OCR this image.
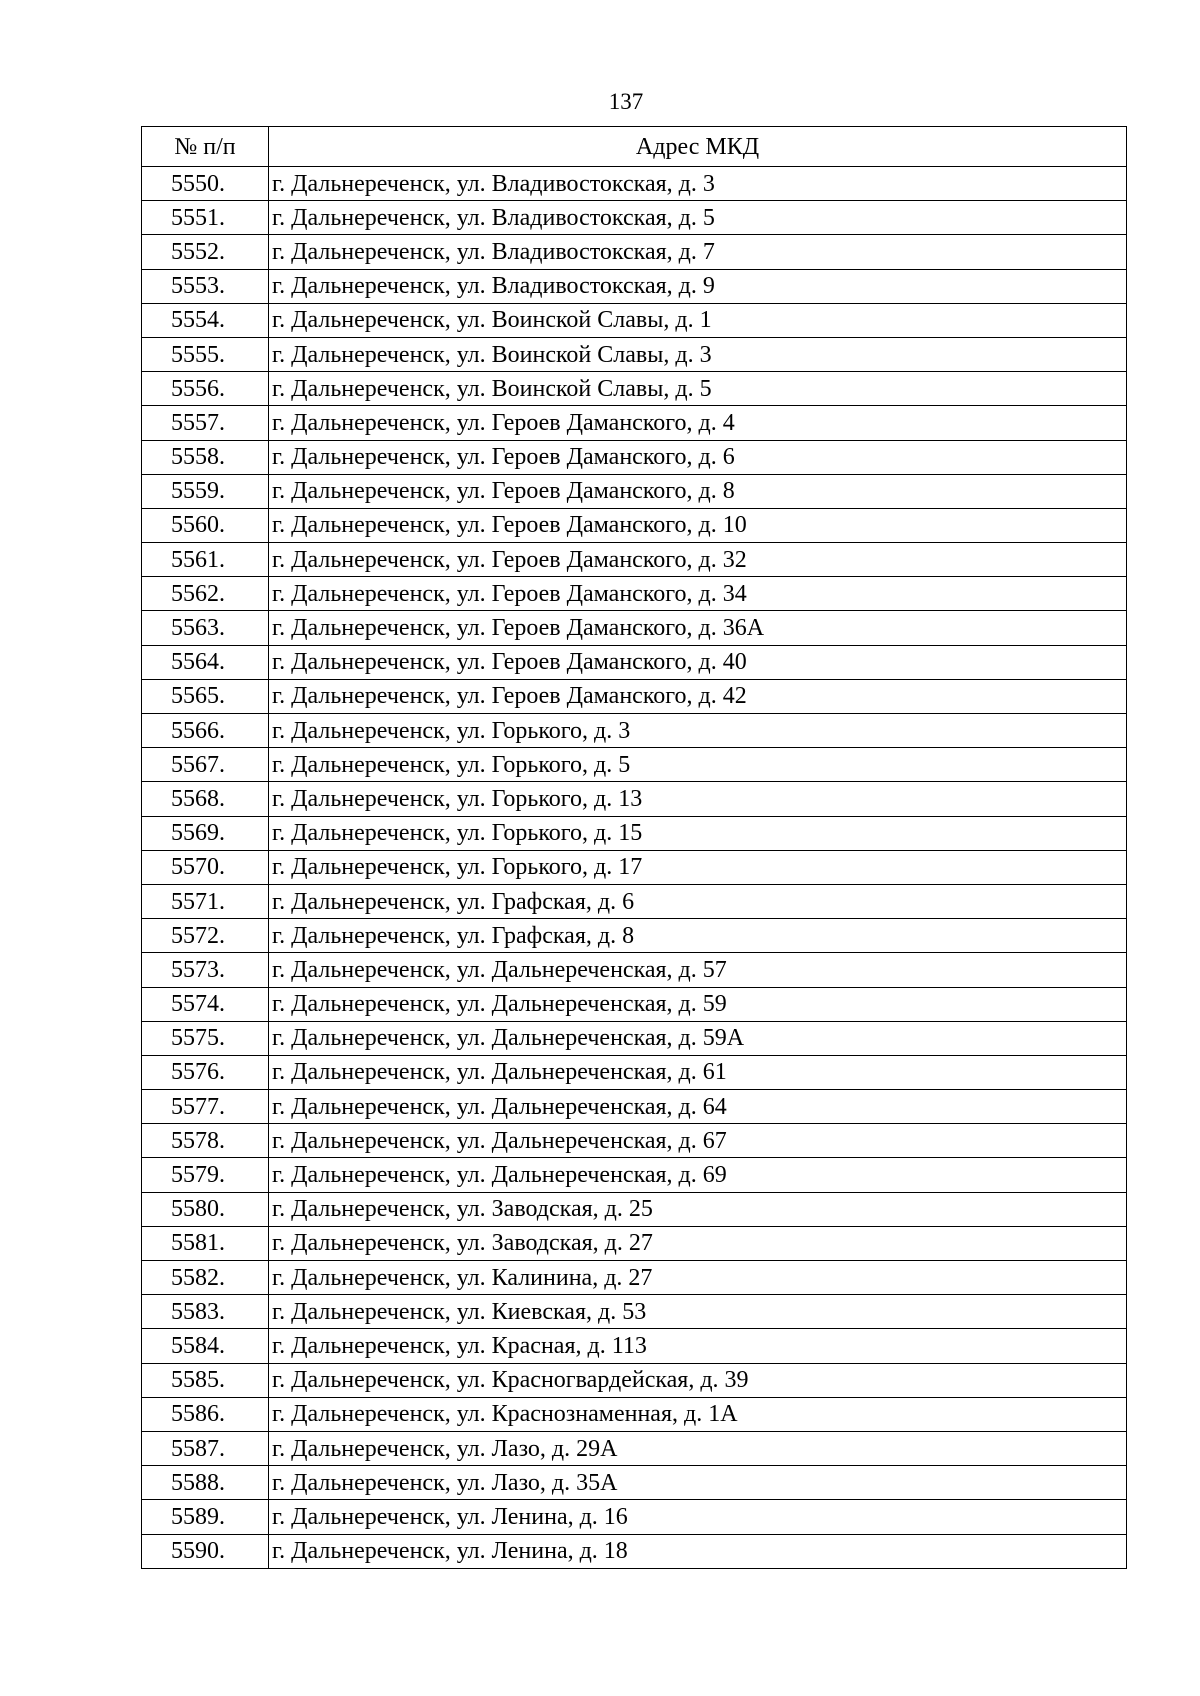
137
№ п/п	Адрес МКД
5550.	г. Дальнереченск, ул. Владивостокская, д. 3
5551.	г. Дальнереченск, ул. Владивостокская, д. 5
5552.	г. Дальнереченск, ул. Владивостокская, д. 7
5553.	г. Дальнереченск, ул. Владивостокская, д. 9
5554.	г. Дальнереченск, ул. Воинской Славы, д. 1
5555.	г. Дальнереченск, ул. Воинской Славы, д. 3
5556.	г. Дальнереченск, ул. Воинской Славы, д. 5
5557.	г. Дальнереченск, ул. Героев Даманского, д. 4
5558.	г. Дальнереченск, ул. Героев Даманского, д. 6
5559.	г. Дальнереченск, ул. Героев Даманского, д. 8
5560.	г. Дальнереченск, ул. Героев Даманского, д. 10
5561.	г. Дальнереченск, ул. Героев Даманского, д. 32
5562.	г. Дальнереченск, ул. Героев Даманского, д. 34
5563.	г. Дальнереченск, ул. Героев Даманского, д. 36А
5564.	г. Дальнереченск, ул. Героев Даманского, д. 40
5565.	г. Дальнереченск, ул. Героев Даманского, д. 42
5566.	г. Дальнереченск, ул. Горького, д. 3
5567.	г. Дальнереченск, ул. Горького, д. 5
5568.	г. Дальнереченск, ул. Горького, д. 13
5569.	г. Дальнереченск, ул. Горького, д. 15
5570.	г. Дальнереченск, ул. Горького, д. 17
5571.	г. Дальнереченск, ул. Графская, д. 6
5572.	г. Дальнереченск, ул. Графская, д. 8
5573.	г. Дальнереченск, ул. Дальнереченская, д. 57
5574.	г. Дальнереченск, ул. Дальнереченская, д. 59
5575.	г. Дальнереченск, ул. Дальнереченская, д. 59А
5576.	г. Дальнереченск, ул. Дальнереченская, д. 61
5577.	г. Дальнереченск, ул. Дальнереченская, д. 64
5578.	г. Дальнереченск, ул. Дальнереченская, д. 67
5579.	г. Дальнереченск, ул. Дальнереченская, д. 69
5580.	г. Дальнереченск, ул. Заводская, д. 25
5581.	г. Дальнереченск, ул. Заводская, д. 27
5582.	г. Дальнереченск, ул. Калинина, д. 27
5583.	г. Дальнереченск, ул. Киевская, д. 53
5584.	г. Дальнереченск, ул. Красная, д. 113
5585.	г. Дальнереченск, ул. Красногвардейская, д. 39
5586.	г. Дальнереченск, ул. Краснознаменная, д. 1А
5587.	г. Дальнереченск, ул. Лазо, д. 29А
5588.	г. Дальнереченск, ул. Лазо, д. 35А
5589.	г. Дальнереченск, ул. Ленина, д. 16
5590.	г. Дальнереченск, ул. Ленина, д. 18
